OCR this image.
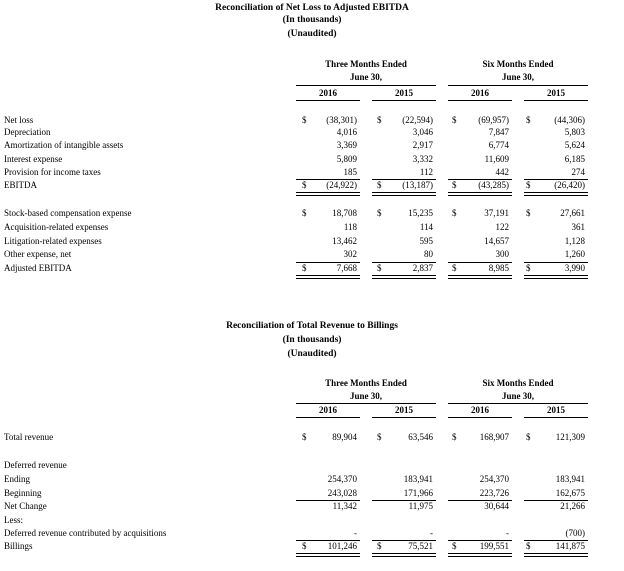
Reconciliation of Net Loss to Adjusted EBITDA
(In thousands)
(Unaudited)
Three Months Ended
June 30,
Six Months Ended
June 30,
2016	2015	2016	2015
Net loss	$	(38,301) $	(22,594) $	(69,957) $	(44,306)
Depreciation	4,016	3,046	7,847	5,803
Amortization of intangible assets	3,369	2,917	6,774	5,624
Interest expense	5,809	3,332	11,609	6,185
Provision for income taxes	185	112	442	274
EBITDA	$	(24,922) $	(13,187) $	(43,285) $	(26,420)
Stock-based compensation expense	$	18,708 $	15,235 $	37,191 $	27,661
Acquisition-related expenses	118	114	122	361
Litigation-related expenses	13,462	595	14,657	1,128
Other expense, net	302	80	300	1,260
Adjusted EBITDA	$	7,668 $	2,837 $	8,985 $	3,990
Reconciliation of Total Revenue to Billings
(In thousands)
(Unaudited)
Three Months Ended
June 30,
Six Months Ended
June 30,
2016	2015	2016	2015
Total revenue	$	89,904 $	63,546 $	168,907 $	121,309
Deferred revenue
Ending	254,370	183,941	254,370	183,941
Beginning	243,028	171,966	223,726	162,675
Net Change	11,342	11,975	30,644	21,266
Less:
Deferred revenue contributed by acquisitions	-	-	-	(700)
Billings	$	101,246 $	75,521 $	199,551 $	141,875
